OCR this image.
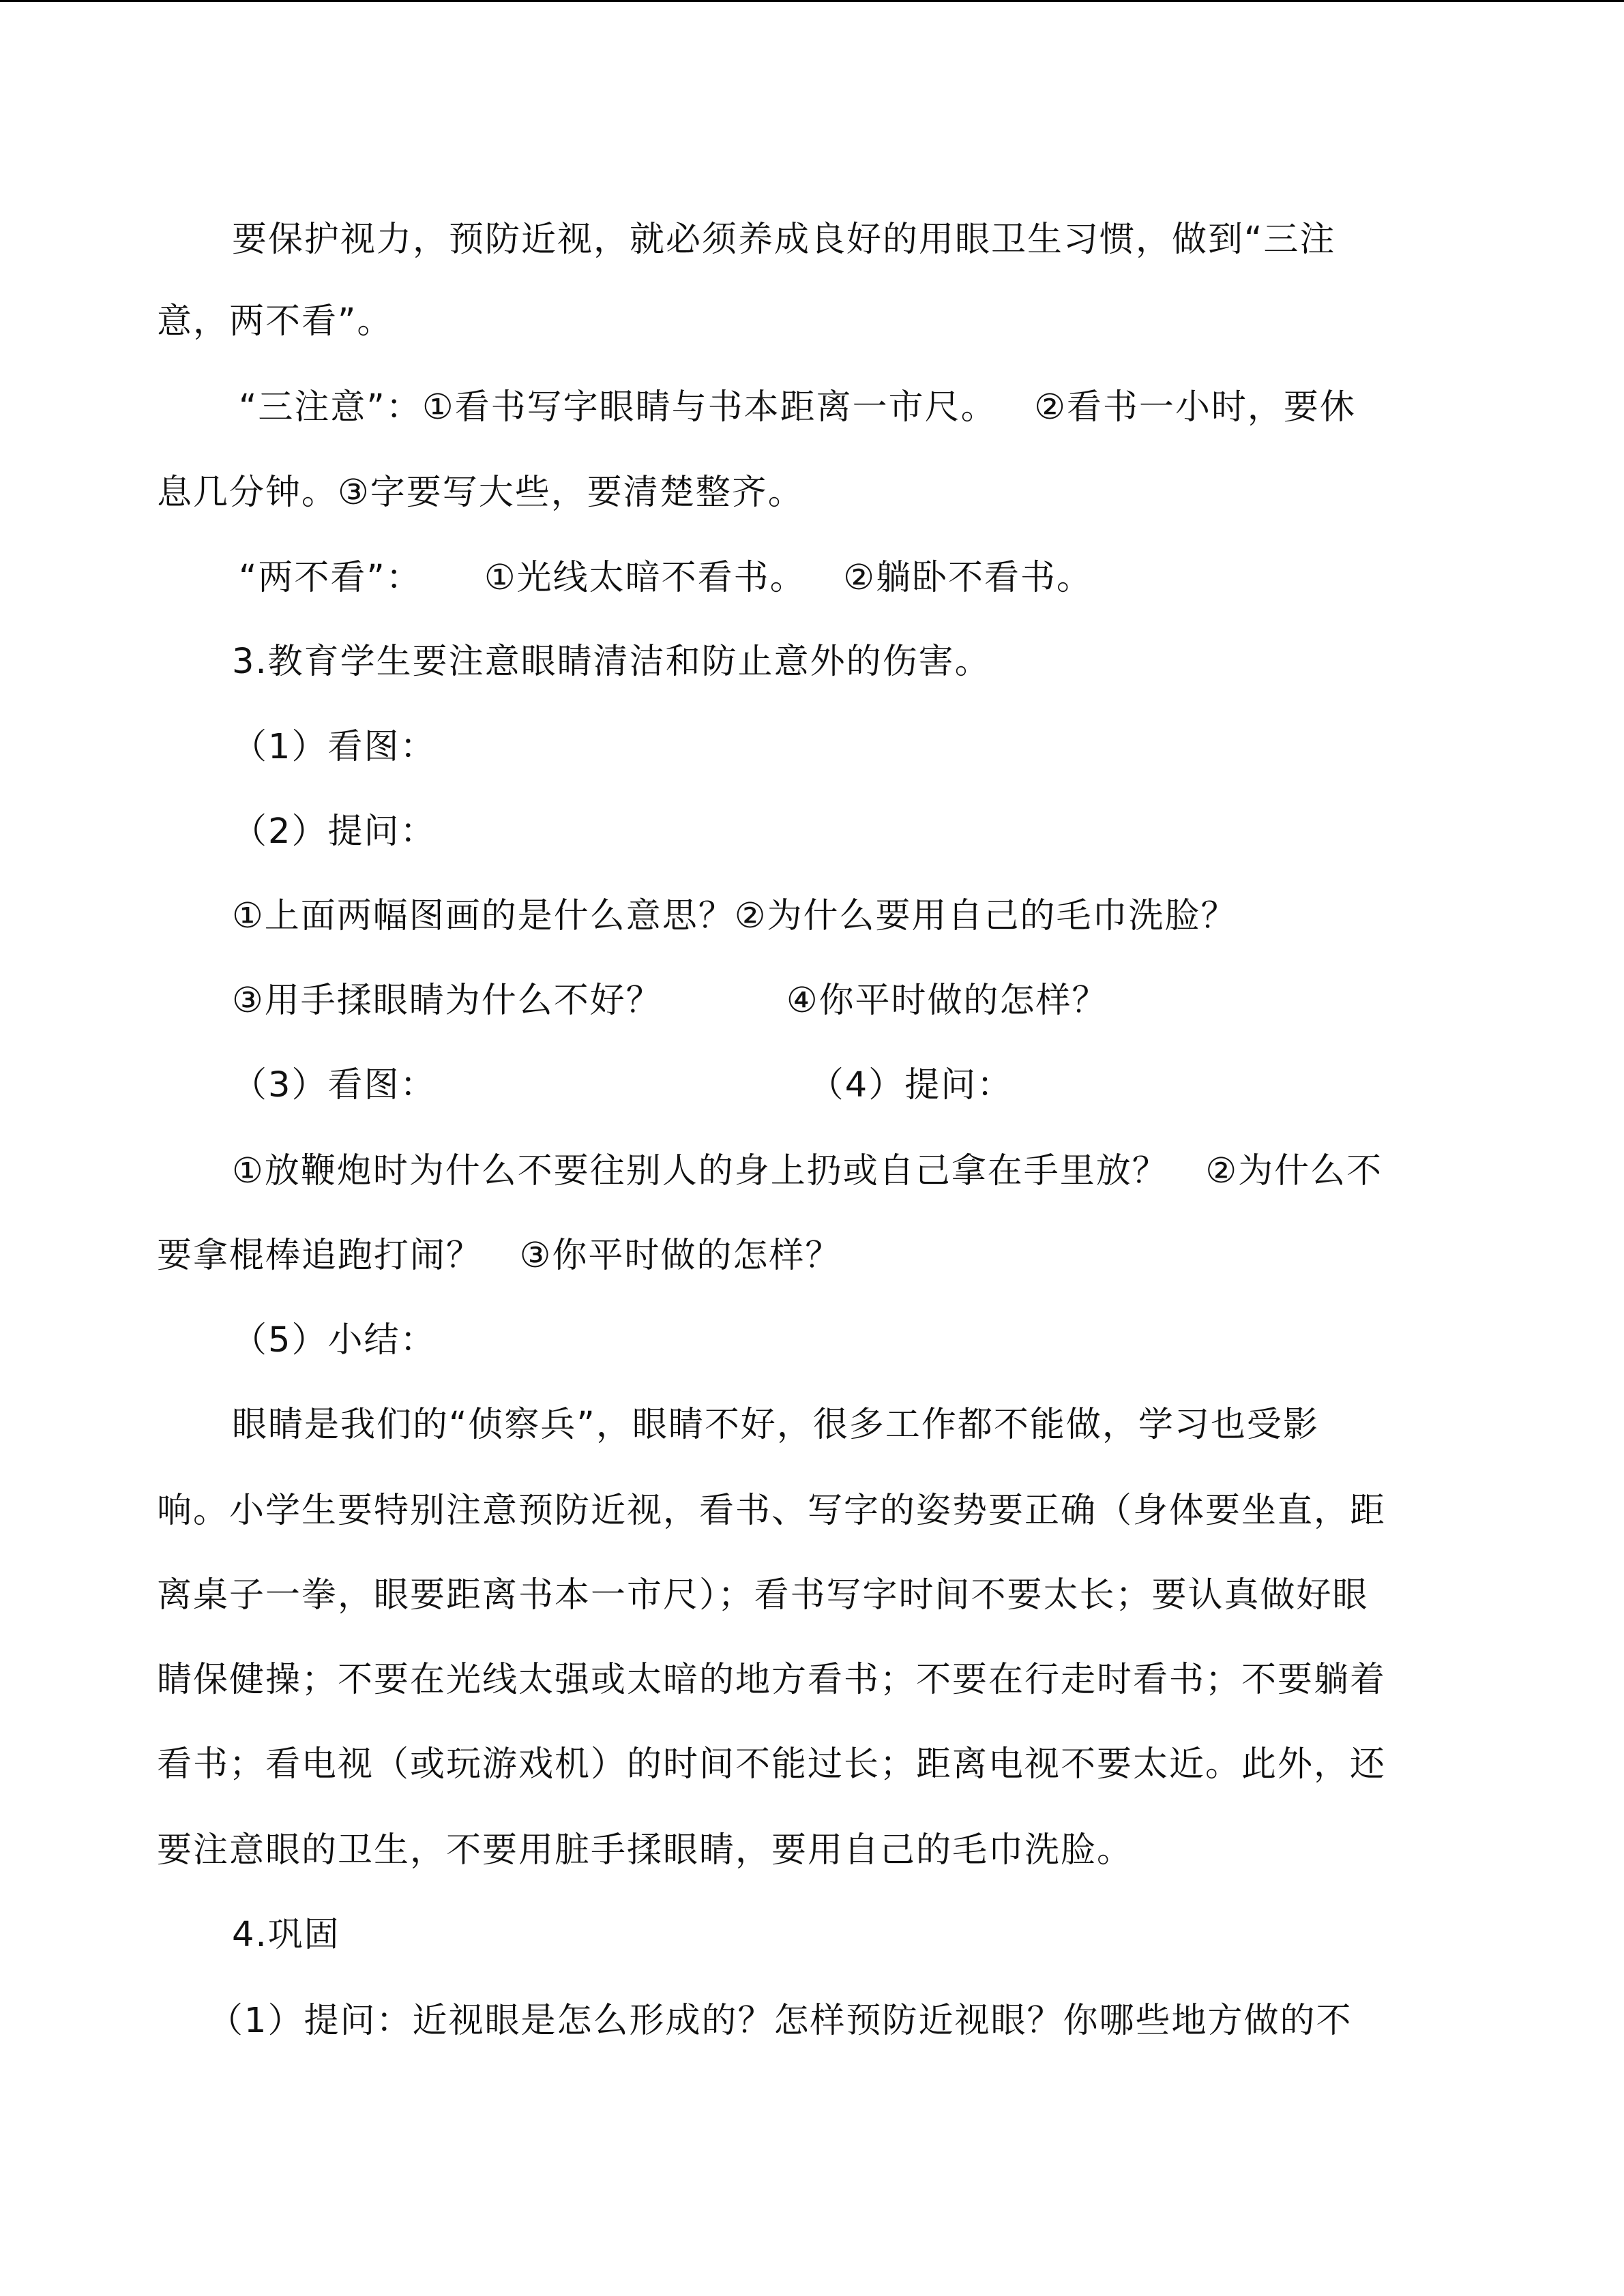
要保护视力，预防近视，就必须养成良好的用眼卫生习惯，做到“三注
意，两不看”。
“三注意”：①看书写字眼睛与书本距离一市尺。   ②看书一小时，要休
息几分钟。③字要写大些，要清楚整齐。
“两不看”：     ①光线太暗不看书。   ②躺卧不看书。
3.教育学生要注意眼睛清洁和防止意外的伤害。
（1）看图：
（2）提问：
①上面两幅图画的是什么意思？②为什么要用自己的毛巾洗脸？
③用手揉眼睛为什么不好？          ④你平时做的怎样？
（3）看图：                              （4）提问：
①放鞭炮时为什么不要往别人的身上扔或自己拿在手里放？   ②为什么不
要拿棍棒追跑打闹？   ③你平时做的怎样？
（5）小结：
眼睛是我们的“侦察兵”，眼睛不好，很多工作都不能做，学习也受影
响。小学生要特别注意预防近视，看书、写字的姿势要正确（身体要坐直，距
离桌子一拳，眼要距离书本一市尺）；看书写字时间不要太长；要认真做好眼
睛保健操；不要在光线太强或太暗的地方看书；不要在行走时看书；不要躺着
看书；看电视（或玩游戏机）的时间不能过长；距离电视不要太近。此外，还
要注意眼的卫生，不要用脏手揉眼睛，要用自己的毛巾洗脸。
4.巩固
（1）提问：近视眼是怎么形成的？怎样预防近视眼？你哪些地方做的不
